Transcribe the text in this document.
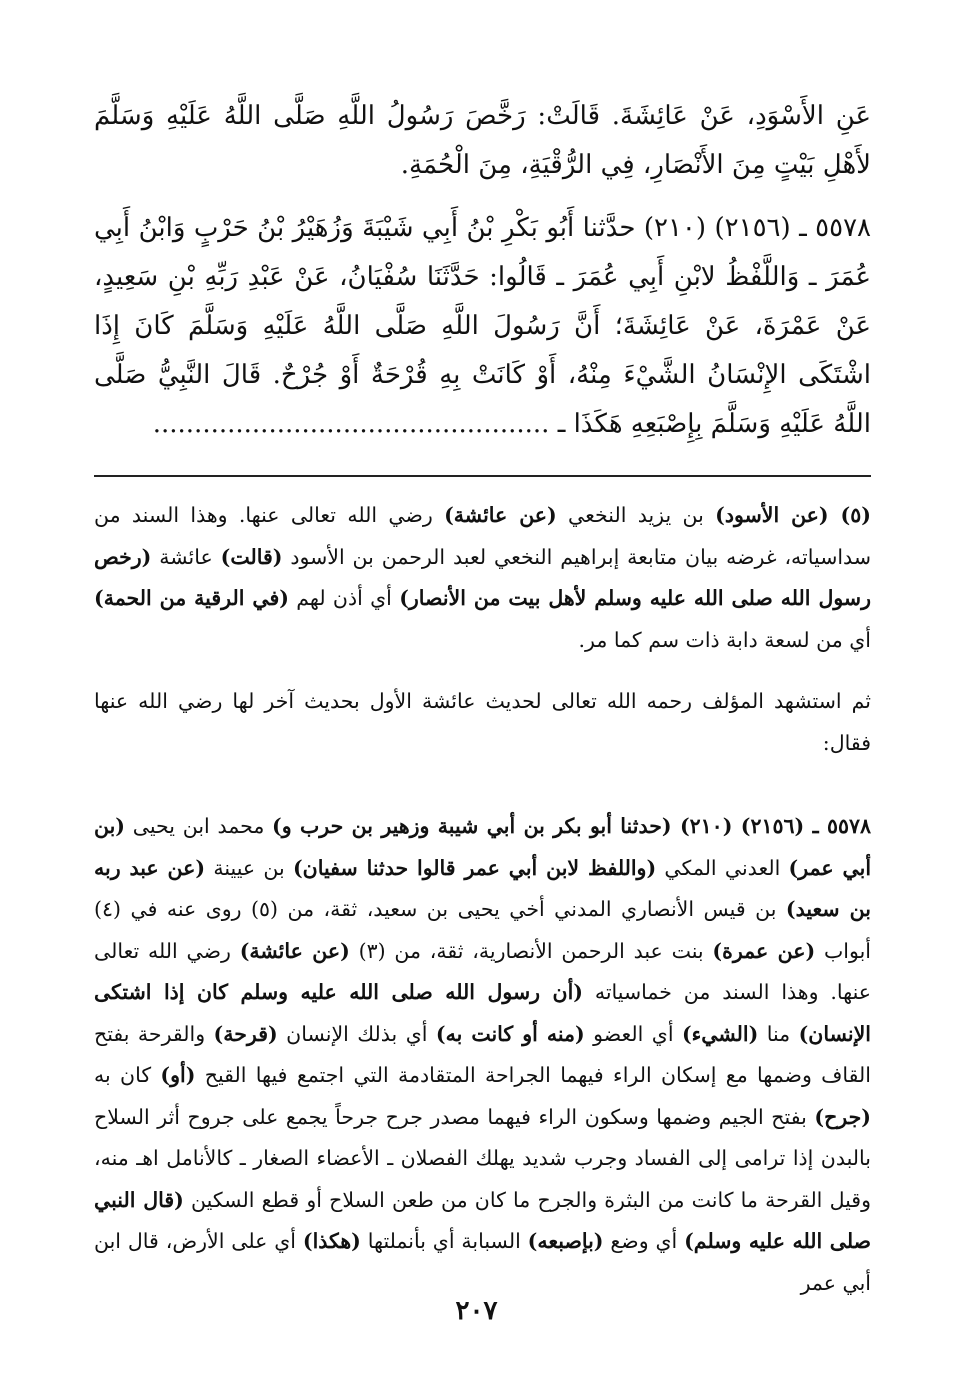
عَنِ الأَسْوَدِ، عَنْ عَائِشَةَ. قَالَتْ: رَخَّصَ رَسُولُ اللَّهِ صَلَّى اللَّهُ عَلَيْهِ وَسَلَّمَ لأَهْلِ بَيْتٍ مِنَ الأَنْصَارِ، فِي الرُّقْيَةِ، مِنَ الْحُمَةِ.

٥٥٧٨ ـ (٢١٥٦) (٢١٠) حدَّثنا أَبُو بَكْرِ بْنُ أَبِي شَيْبَةَ وَزُهَيْرُ بْنُ حَرْبٍ وَابْنُ أَبِي عُمَرَ ـ وَاللَّفْظُ لابْنِ أَبِي عُمَرَ ـ قَالُوا: حَدَّثَنَا سُفْيَانُ، عَنْ عَبْدِ رَبِّهِ بْنِ سَعِيدٍ، عَنْ عَمْرَةَ، عَنْ عَائِشَةَ؛ أَنَّ رَسُولَ اللَّهِ صَلَّى اللَّهُ عَلَيْهِ وَسَلَّمَ كَانَ إِذَا اشْتَكَى الإِنْسَانُ الشَّيْءَ مِنْهُ، أَوْ كَانَتْ بِهِ قُرْحَةٌ أَوْ جُرْحٌ. قَالَ النَّبِيُّ صَلَّى اللَّهُ عَلَيْهِ وَسَلَّمَ بِإِصْبَعِهِ هَكَذَا ـ ................................................

(٥) (عن الأسود) بن يزيد النخعي (عن عائشة) رضي الله تعالى عنها. وهذا السند من سداسياته، غرضه بيان متابعة إبراهيم النخعي لعبد الرحمن بن الأسود (قالت) عائشة (رخص رسول الله صلى الله عليه وسلم لأهل بيت من الأنصار) أي أذن لهم (في الرقية من الحمة) أي من لسعة دابة ذات سم كما مر.

ثم استشهد المؤلف رحمه الله تعالى لحديث عائشة الأول بحديث آخر لها رضي الله عنها فقال:

٥٥٧٨ ـ (٢١٥٦) (٢١٠) (حدثنا أبو بكر بن أبي شيبة وزهير بن حرب و) محمد ابن يحيى (بن أبي عمر) العدني المكي (واللفظ لابن أبي عمر قالوا حدثنا سفيان) بن عيينة (عن عبد ربه بن سعيد) بن قيس الأنصاري المدني أخي يحيى بن سعيد، ثقة، من (٥) روى عنه في (٤) أبواب (عن عمرة) بنت عبد الرحمن الأنصارية، ثقة، من (٣) (عن عائشة) رضي الله تعالى عنها. وهذا السند من خماسياته (أن رسول الله صلى الله عليه وسلم كان إذا اشتكى الإنسان) منا (الشيء) أي العضو (منه أو كانت به) أي بذلك الإنسان (قرحة) والقرحة بفتح القاف وضمها مع إسكان الراء فيهما الجراحة المتقادمة التي اجتمع فيها القيح (أو) كان به (جرح) بفتح الجيم وضمها وسكون الراء فيهما مصدر جرح جرحاً يجمع على جروح أثر السلاح بالبدن إذا ترامى إلى الفساد وجرب شديد يهلك الفصلان ـ الأعضاء الصغار ـ كالأنامل اهـ منه، وقيل القرحة ما كانت من البثرة والجرح ما كان من طعن السلاح أو قطع السكين (قال النبي صلى الله عليه وسلم) أي وضع (بإصبعه) السبابة أي بأنملتها (هكذا) أي على الأرض، قال ابن أبي عمر

٢٠٧
